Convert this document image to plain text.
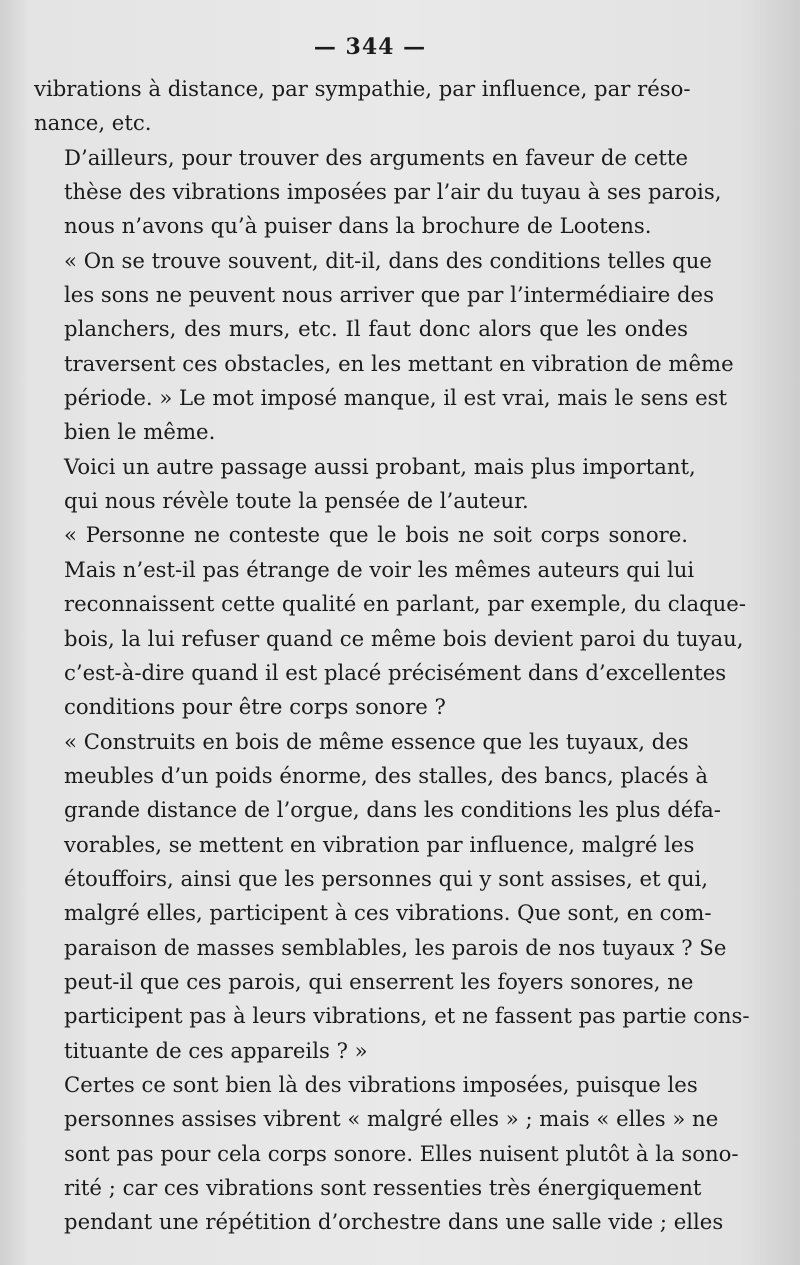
— 344 —

vibrations à distance, par sympathie, par influence, par réso-
nance, etc.

D’ailleurs, pour trouver des arguments en faveur de cette
thèse des vibrations imposées par l’air du tuyau à ses parois,
nous n’avons qu’à puiser dans la brochure de Lootens.

« On se trouve souvent, dit-il, dans des conditions telles que
les sons ne peuvent nous arriver que par l’intermédiaire des
planchers, des murs, etc. Il faut donc alors que les ondes
traversent ces obstacles, en les mettant en vibration de même
période. » Le mot imposé manque, il est vrai, mais le sens est
bien le même.

Voici un autre passage aussi probant, mais plus important,
qui nous révèle toute la pensée de l’auteur.

« Personne ne conteste que le bois ne soit corps sonore.
Mais n’est-il pas étrange de voir les mêmes auteurs qui lui
reconnaissent cette qualité en parlant, par exemple, du claque-
bois, la lui refuser quand ce même bois devient paroi du tuyau,
c’est-à-dire quand il est placé précisément dans d’excellentes
conditions pour être corps sonore ?

« Construits en bois de même essence que les tuyaux, des
meubles d’un poids énorme, des stalles, des bancs, placés à
grande distance de l’orgue, dans les conditions les plus défa-
vorables, se mettent en vibration par influence, malgré les
étouffoirs, ainsi que les personnes qui y sont assises, et qui,
malgré elles, participent à ces vibrations. Que sont, en com-
paraison de masses semblables, les parois de nos tuyaux ? Se
peut-il que ces parois, qui enserrent les foyers sonores, ne
participent pas à leurs vibrations, et ne fassent pas partie cons-
tituante de ces appareils ? »

Certes ce sont bien là des vibrations imposées, puisque les
personnes assises vibrent « malgré elles » ; mais « elles » ne
sont pas pour cela corps sonore. Elles nuisent plutôt à la sono-
rité ; car ces vibrations sont ressenties très énergiquement
pendant une répétition d’orchestre dans une salle vide ; elles
